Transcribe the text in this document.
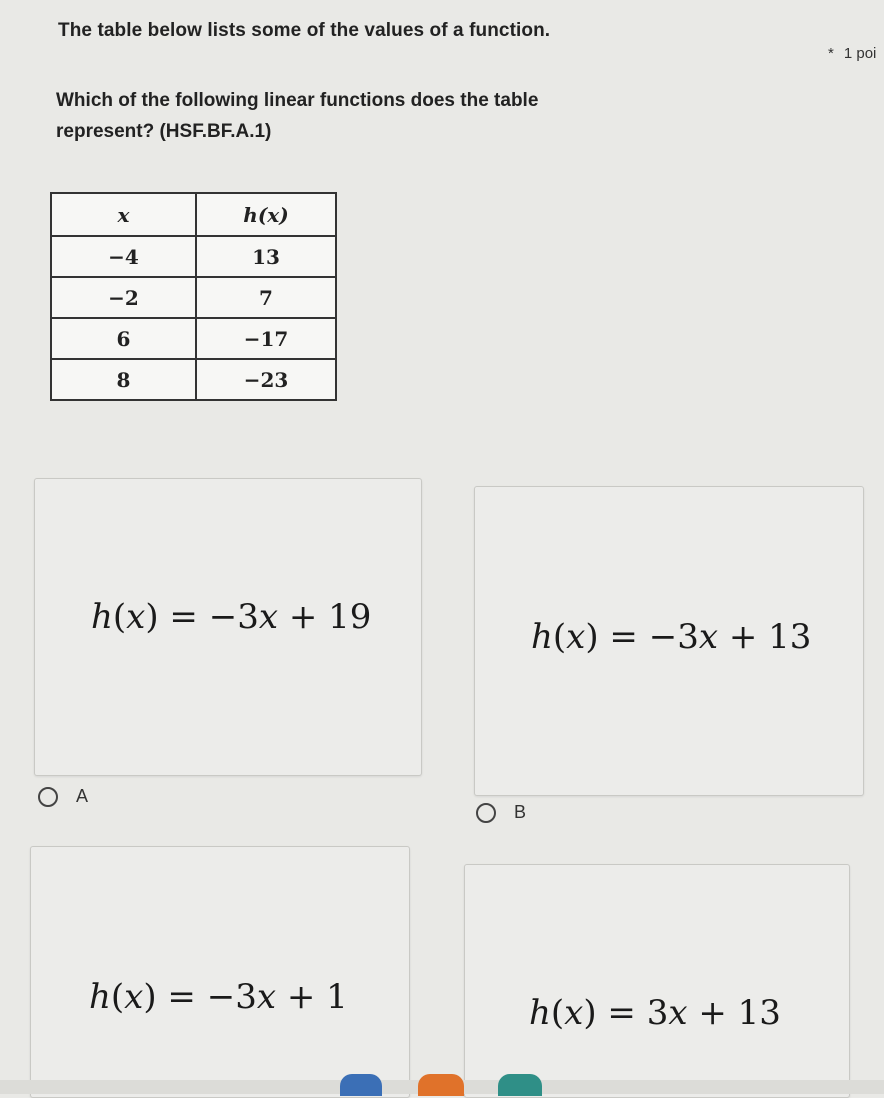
The table below lists some of the values of a function.
* 1 poi
Which of the following linear functions does the table represent? (HSF.BF.A.1)
x	h(x)
−4	13
−2	7
6	−17
8	−23
h(x) = −3x + 19
A
h(x) = −3x + 13
B
h(x) = −3x + 1	h(x) = 3x + 13
